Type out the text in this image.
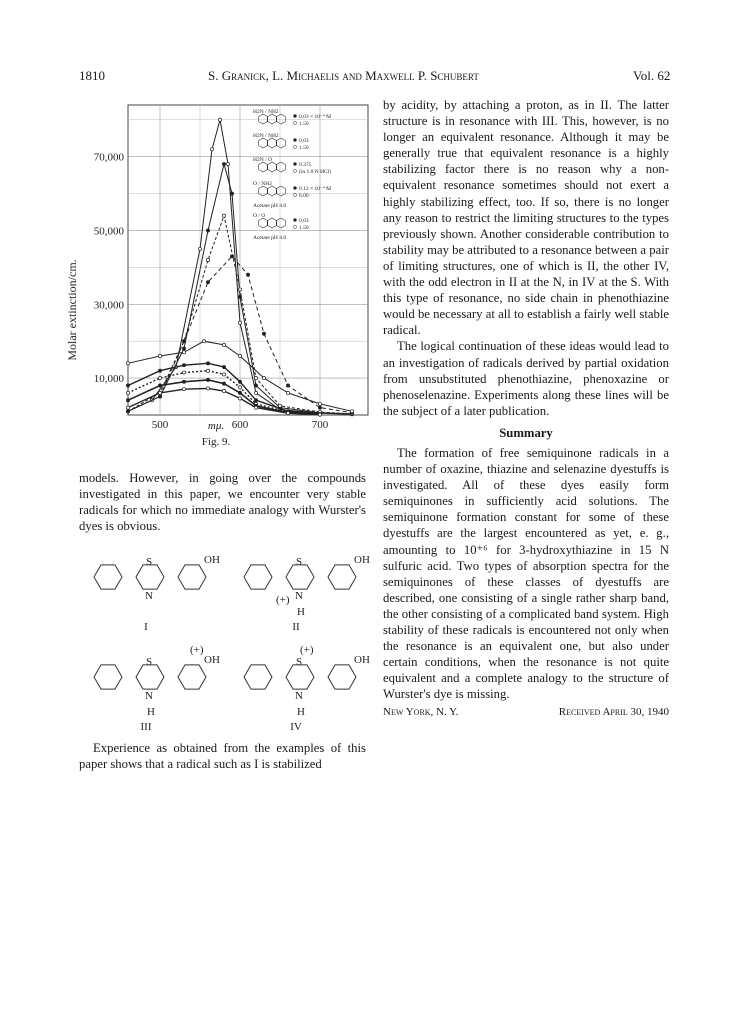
1810	S. Granick, L. Michaelis and Maxwell P. Schubert	Vol. 62
10,000
30,000
50,000
70,000
500	600	700
Molar extinction/cm.
mμ.
Fig. 9.
H2N / NH2
0.03 × 10⁻⁴ M
1.50
H2N / NH2
0.03
1.50
H2N / O
0.375
(in 1.0 N HCl)
O / NH2
0.12 × 10⁻⁴ M
6.00
Acetate pH 4.6
O / O
0.03
1.50
Acetate pH 4.6

models. However, in going over the compounds investigated in this paper, we encounter very stable radicals for which no immediate analogy with Wurster's dyes is obvious.

S
N
OH
I
S
N
OH
(+)
H
II
S
N
OH
(+)
H
III
S
N
OH
(+)
H
IV

Experience as obtained from the examples of this paper shows that a radical such as I is stabilized

by acidity, by attaching a proton, as in II. The latter structure is in resonance with III. This, however, is no longer an equivalent resonance. Although it may be generally true that equivalent resonance is a highly stabilizing factor there is no reason why a non-equivalent resonance sometimes should not exert a highly stabilizing effect, too. If so, there is no longer any reason to restrict the limiting structures to the types previously shown. Another considerable contribution to stability may be attributed to a resonance between a pair of limiting structures, one of which is II, the other IV, with the odd electron in II at the N, in IV at the S. With this type of resonance, no side chain in phenothiazine would be necessary at all to establish a fairly well stable radical.

The logical continuation of these ideas would lead to an investigation of radicals derived by partial oxidation from unsubstituted phenothiazine, phenoxazine or phenoselenazine. Experiments along these lines will be the subject of a later publication.

Summary

The formation of free semiquinone radicals in a number of oxazine, thiazine and selenazine dyestuffs is investigated. All of these dyes easily form semiquinones in sufficiently acid solutions. The semiquinone formation constant for some of these dyestuffs are the largest encountered as yet, e. g., amounting to 10⁺⁶ for 3-hydroxythiazine in 15 N sulfuric acid. Two types of absorption spectra for the semiquinones of these classes of dyestuffs are described, one consisting of a single rather sharp band, the other consisting of a complicated band system. High stability of these radicals is encountered not only when the resonance is an equivalent one, but also under certain conditions, when the resonance is not quite equivalent and a complete analogy to the structure of Wurster's dye is missing.

New York, N. Y.	Received April 30, 1940
